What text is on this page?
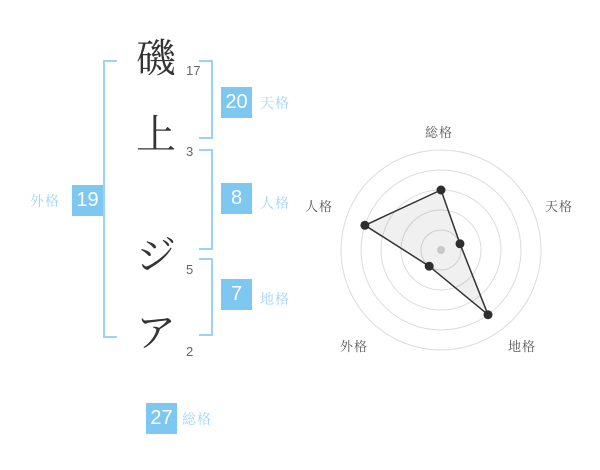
磯
上
ジ
ア
17
3
5
2
20 天格
8	人格
7	地格
外格 19
27 総格
総格
天格
地格
外格
人格
